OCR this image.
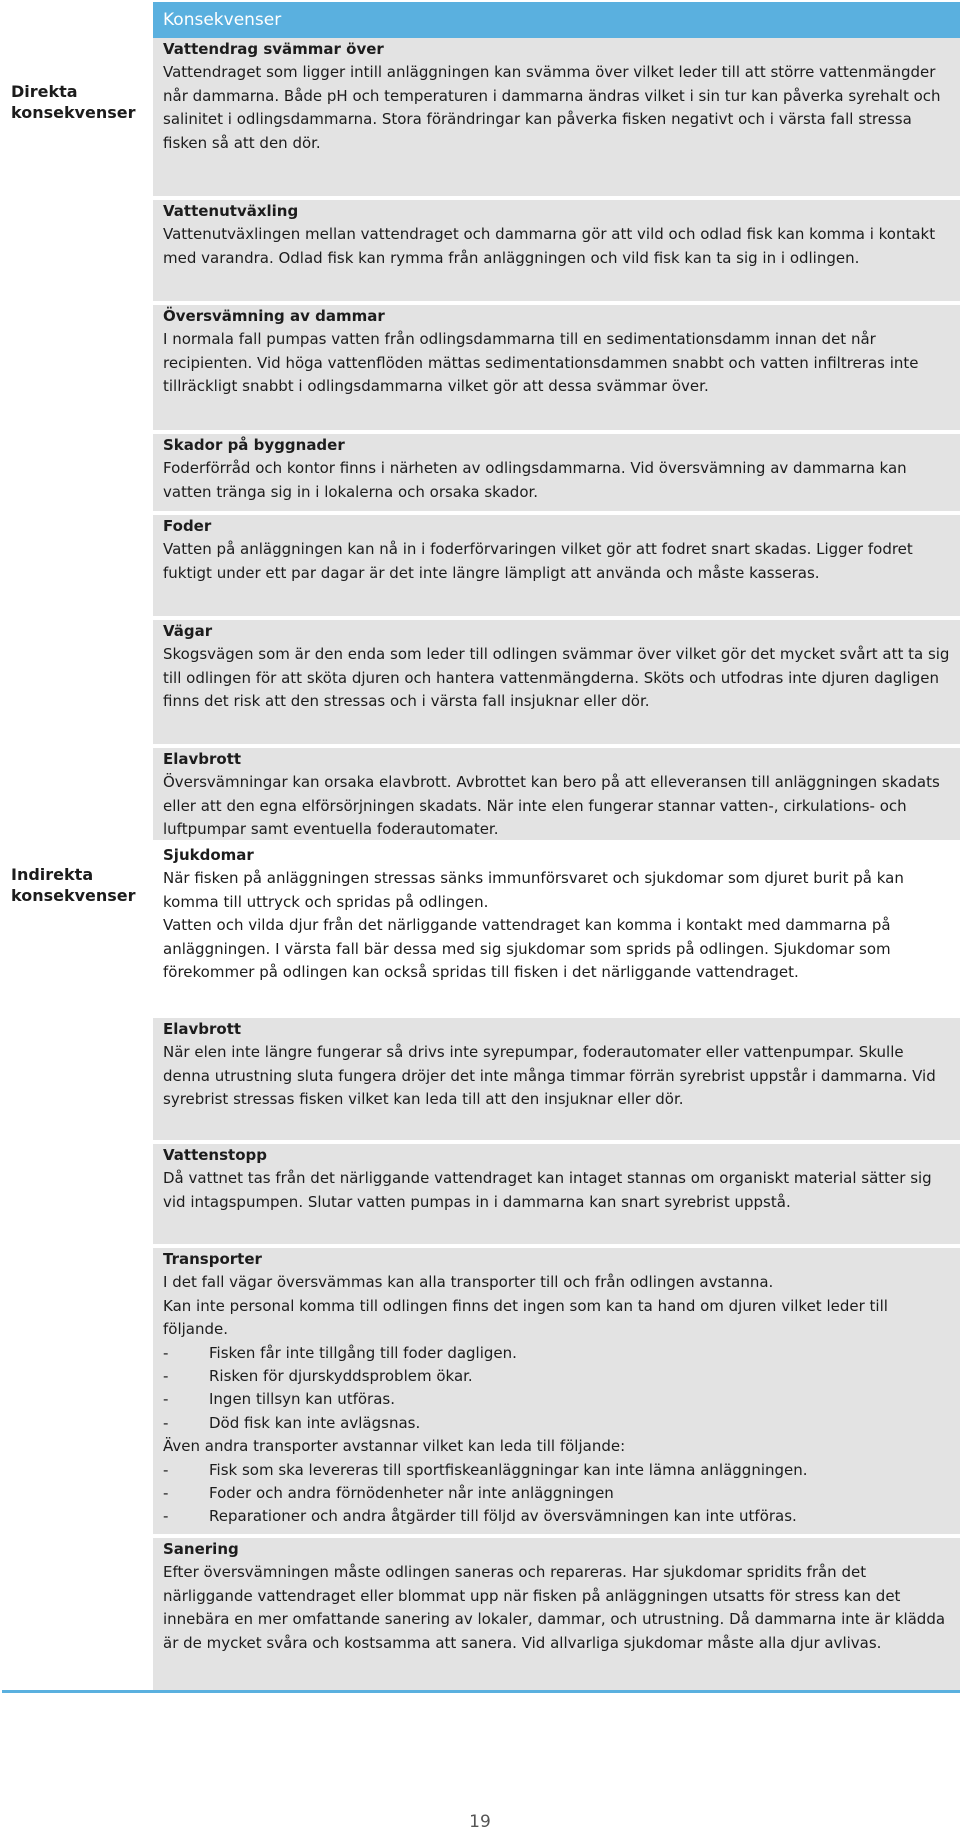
Konsekvenser
Direkta
konsekvenser
Vattendrag svämmar över
Vattendraget som ligger intill anläggningen kan svämma över vilket leder till att större vattenmängder når dammarna. Både pH och temperaturen i dammarna ändras vilket i sin tur kan påverka syrehalt och salinitet i odlingsdammarna. Stora förändringar kan påverka fisken negativt och i värsta fall stressa fisken så att den dör.
Vattenutväxling
Vattenutväxlingen mellan vattendraget och dammarna gör att vild och odlad fisk kan komma i kontakt med varandra. Odlad fisk kan rymma från anläggningen och vild fisk kan ta sig in i odlingen.
Översvämning av dammar
I normala fall pumpas vatten från odlingsdammarna till en sedimentationsdamm innan det når recipienten. Vid höga vattenflöden mättas sedimentationsdammen snabbt och vatten infiltreras inte tillräckligt snabbt i odlingsdammarna vilket gör att dessa svämmar över.
Skador på byggnader
Foderförråd och kontor finns i närheten av odlingsdammarna. Vid översvämning av dammarna kan vatten tränga sig in i lokalerna och orsaka skador.
Foder
Vatten på anläggningen kan nå in i foderförvaringen vilket gör att fodret snart skadas. Ligger fodret fuktigt under ett par dagar är det inte längre lämpligt att använda och måste kasseras.
Vägar
Skogsvägen som är den enda som leder till odlingen svämmar över vilket gör det mycket svårt att ta sig till odlingen för att sköta djuren och hantera vattenmängderna. Sköts och utfodras inte djuren dagligen finns det risk att den stressas och i värsta fall insjuknar eller dör.
Elavbrott
Översvämningar kan orsaka elavbrott. Avbrottet kan bero på att elleveransen till anläggningen skadats eller att den egna elförsörjningen skadats. När inte elen fungerar stannar vatten-, cirkulations- och luftpumpar samt eventuella foderautomater.
Indirekta
konsekvenser
Sjukdomar
När fisken på anläggningen stressas sänks immunförsvaret och sjukdomar som djuret burit på kan komma till uttryck och spridas på odlingen.
Vatten och vilda djur från det närliggande vattendraget kan komma i kontakt med dammarna på anläggningen. I värsta fall bär dessa med sig sjukdomar som sprids på odlingen. Sjukdomar som förekommer på odlingen kan också spridas till fisken i det närliggande vattendraget.
Elavbrott
När elen inte längre fungerar så drivs inte syrepumpar, foderautomater eller vattenpumpar. Skulle denna utrustning sluta fungera dröjer det inte många timmar förrän syrebrist uppstår i dammarna. Vid syrebrist stressas fisken vilket kan leda till att den insjuknar eller dör.
Vattenstopp
Då vattnet tas från det närliggande vattendraget kan intaget stannas om organiskt material sätter sig vid intagspumpen. Slutar vatten pumpas in i dammarna kan snart syrebrist uppstå.
Transporter
I det fall vägar översvämmas kan alla transporter till och från odlingen avstanna.
Kan inte personal komma till odlingen finns det ingen som kan ta hand om djuren vilket leder till följande.
- Fisken får inte tillgång till foder dagligen.
- Risken för djurskyddsproblem ökar.
- Ingen tillsyn kan utföras.
- Död fisk kan inte avlägsnas.
Även andra transporter avstannar vilket kan leda till följande:
- Fisk som ska levereras till sportfiskeanläggningar kan inte lämna anläggningen.
- Foder och andra förnödenheter når inte anläggningen
- Reparationer och andra åtgärder till följd av översvämningen kan inte utföras.
Sanering
Efter översvämningen måste odlingen saneras och repareras. Har sjukdomar spridits från det närliggande vattendraget eller blommat upp när fisken på anläggningen utsatts för stress kan det innebära en mer omfattande sanering av lokaler, dammar, och utrustning. Då dammarna inte är klädda är de mycket svåra och kostsamma att sanera. Vid allvarliga sjukdomar måste alla djur avlivas.
19
